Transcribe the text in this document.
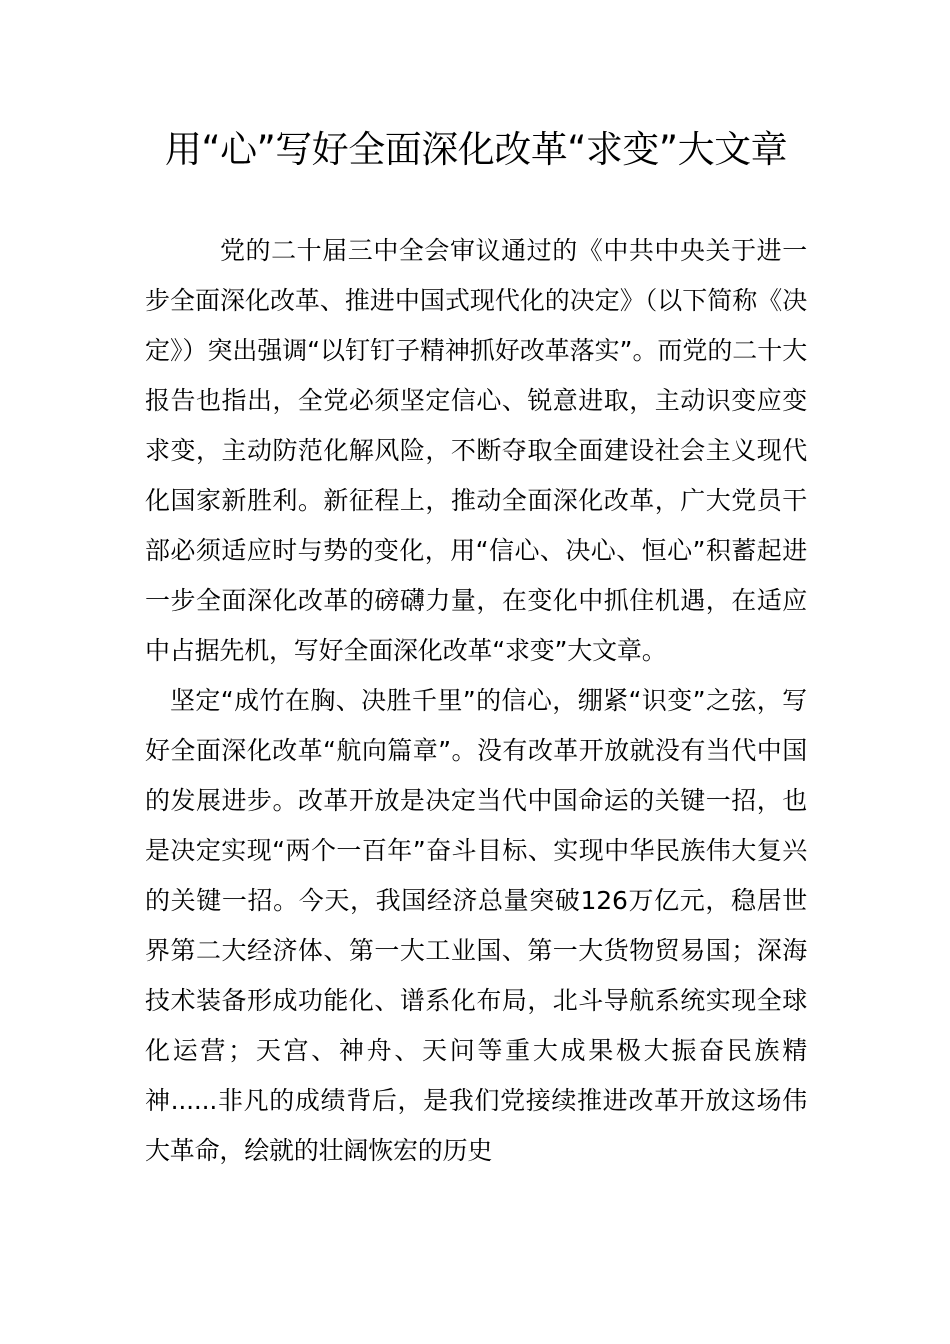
用“心”写好全面深化改革“求变”大文章

党的二十届三中全会审议通过的《中共中央关于进一步全面深化改革、推进中国式现代化的决定》（以下简称《决定》）突出强调“以钉钉子精神抓好改革落实”。而党的二十大报告也指出，全党必须坚定信心、锐意进取，主动识变应变求变，主动防范化解风险，不断夺取全面建设社会主义现代化国家新胜利。新征程上，推动全面深化改革，广大党员干部必须适应时与势的变化，用“信心、决心、恒心”积蓄起进一步全面深化改革的磅礴力量，在变化中抓住机遇，在适应中占据先机，写好全面深化改革“求变”大文章。

坚定“成竹在胸、决胜千里”的信心，绷紧“识变”之弦，写好全面深化改革“航向篇章”。没有改革开放就没有当代中国的发展进步。改革开放是决定当代中国命运的关键一招，也是决定实现“两个一百年”奋斗目标、实现中华民族伟大复兴的关键一招。今天，我国经济总量突破126万亿元，稳居世界第二大经济体、第一大工业国、第一大货物贸易国；深海技术装备形成功能化、谱系化布局，北斗导航系统实现全球化运营；天宫、神舟、天问等重大成果极大振奋民族精神......非凡的成绩背后，是我们党接续推进改革开放这场伟大革命，绘就的壮阔恢宏的历史
